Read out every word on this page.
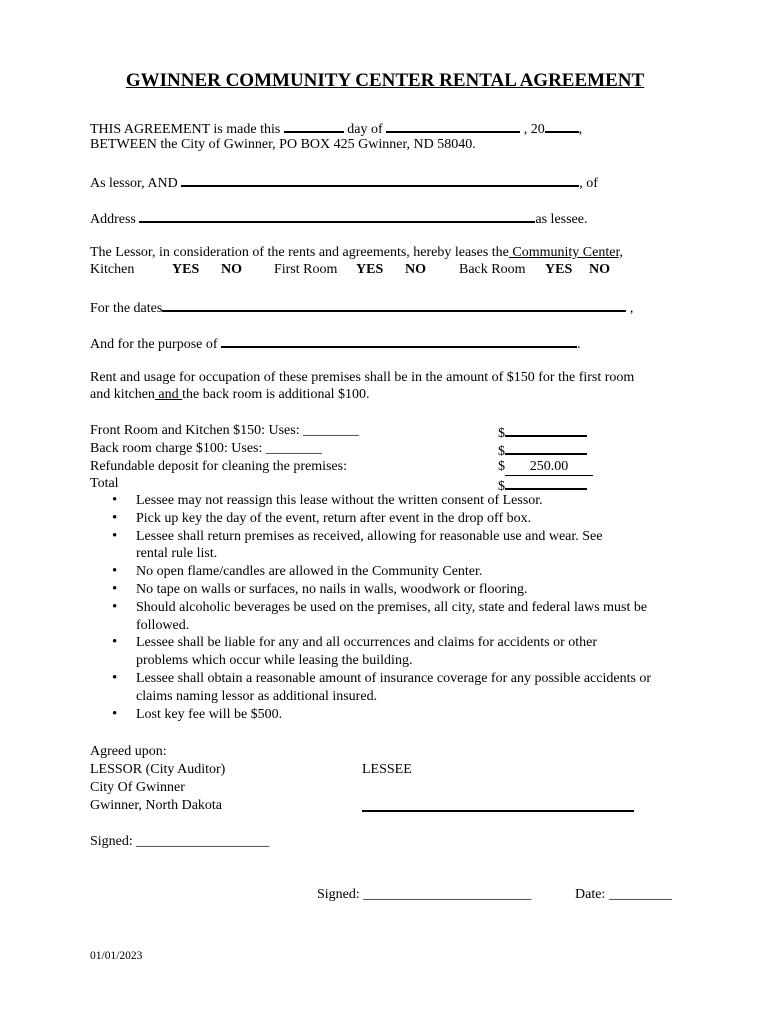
GWINNER COMMUNITY CENTER RENTAL AGREEMENT
THIS AGREEMENT is made this	day of	, 20 ,
BETWEEN the City of Gwinner, PO BOX 425 Gwinner, ND 58040.
As lessor, AND	, of
Address	as lessee.
The Lessor, in consideration of the rents and agreements, hereby leases the Community Center,
Kitchen	YES NO First Room YES NO Back Room YES NO
For the dates	,
And for the purpose of	.
Rent and usage for occupation of these premises shall be in the amount of $150 for the first room
and kitchen and the back room is additional $100.
Front Room and Kitchen $150: Uses: ________	$
Back room charge $100: Uses: ________	$
Refundable deposit for cleaning the premises:	$ 250.00
Total	$
• Lessee may not reassign this lease without the written consent of Lessor.
• Pick up key the day of the event, return after event in the drop off box.
• Lessee shall return premises as received, allowing for reasonable use and wear. See rental rule list.
• No open flame/candles are allowed in the Community Center.
• No tape on walls or surfaces, no nails in walls, woodwork or flooring.
• Should alcoholic beverages be used on the premises, all city, state and federal laws must be followed.
• Lessee shall be liable for any and all occurrences and claims for accidents or other problems which occur while leasing the building.
• Lessee shall obtain a reasonable amount of insurance coverage for any possible accidents or claims naming lessor as additional insured.
• Lost key fee will be $500.
Agreed upon:
LESSOR (City Auditor)	LESSEE
City Of Gwinner
Gwinner, North Dakota
Signed: ___________________
Signed: ________________________	Date: _________
01/01/2023
